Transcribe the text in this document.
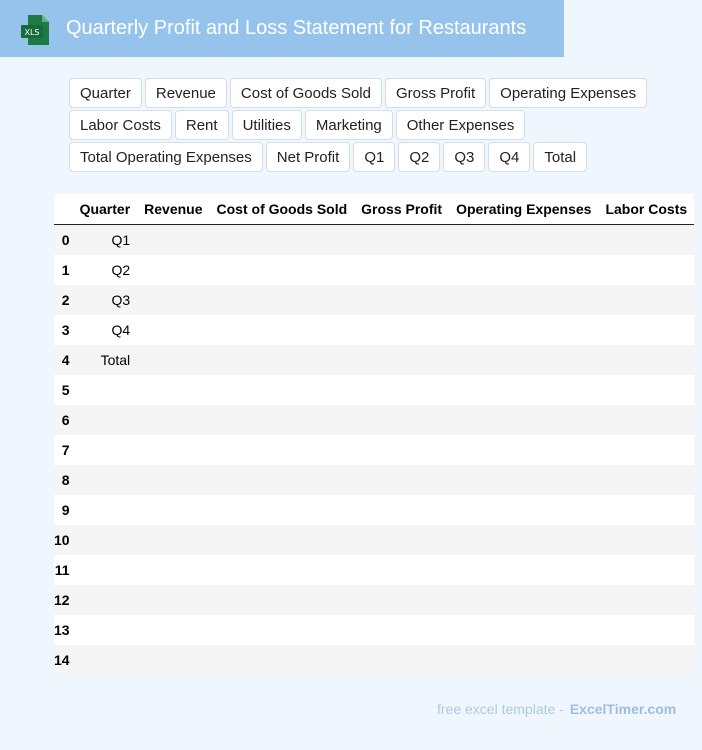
XLS Quarterly Profit and Loss Statement for Restaurants
Quarter	Revenue	Cost of Goods Sold	Gross Profit	Operating Expenses
Labor Costs	Rent	Utilities	Marketing	Other Expenses
Total Operating Expenses	Net Profit	Q1	Q2	Q3	Q4	Total
	Quarter	Revenue	Cost of Goods Sold	Gross Profit	Operating Expenses	Labor Costs
0	Q1					
1	Q2					
2	Q3					
3	Q4					
4	Total					
5						
6						
7						
8						
9						
10						
11						
12						
13						
14						
free excel template - ExcelTimer.com
